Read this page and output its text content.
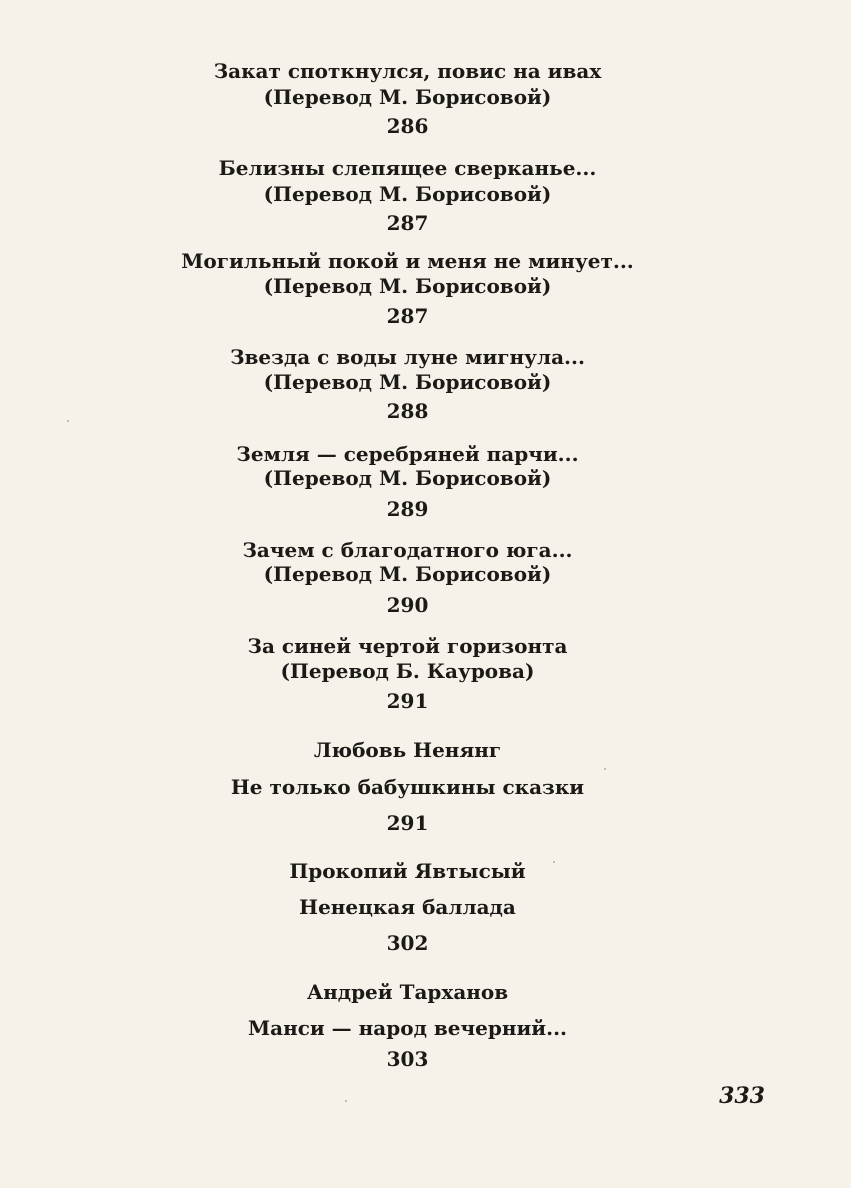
Закат споткнулся, повис на ивах
(Перевод М. Борисовой)
286
Белизны слепящее сверканье...
(Перевод М. Борисовой)
287
Могильный покой и меня не минует...
(Перевод М. Борисовой)
287
Звезда с воды луне мигнула...
(Перевод М. Борисовой)
288
Земля — серебряней парчи...
(Перевод М. Борисовой)
289
Зачем с благодатного юга...
(Перевод М. Борисовой)
290
За синей чертой горизонта
(Перевод Б. Каурова)
291
Любовь Ненянг
Не только бабушкины сказки
291
Прокопий Явтысый
Ненецкая баллада
302
Андрей Тарханов
Манси — народ вечерний...
303
333
